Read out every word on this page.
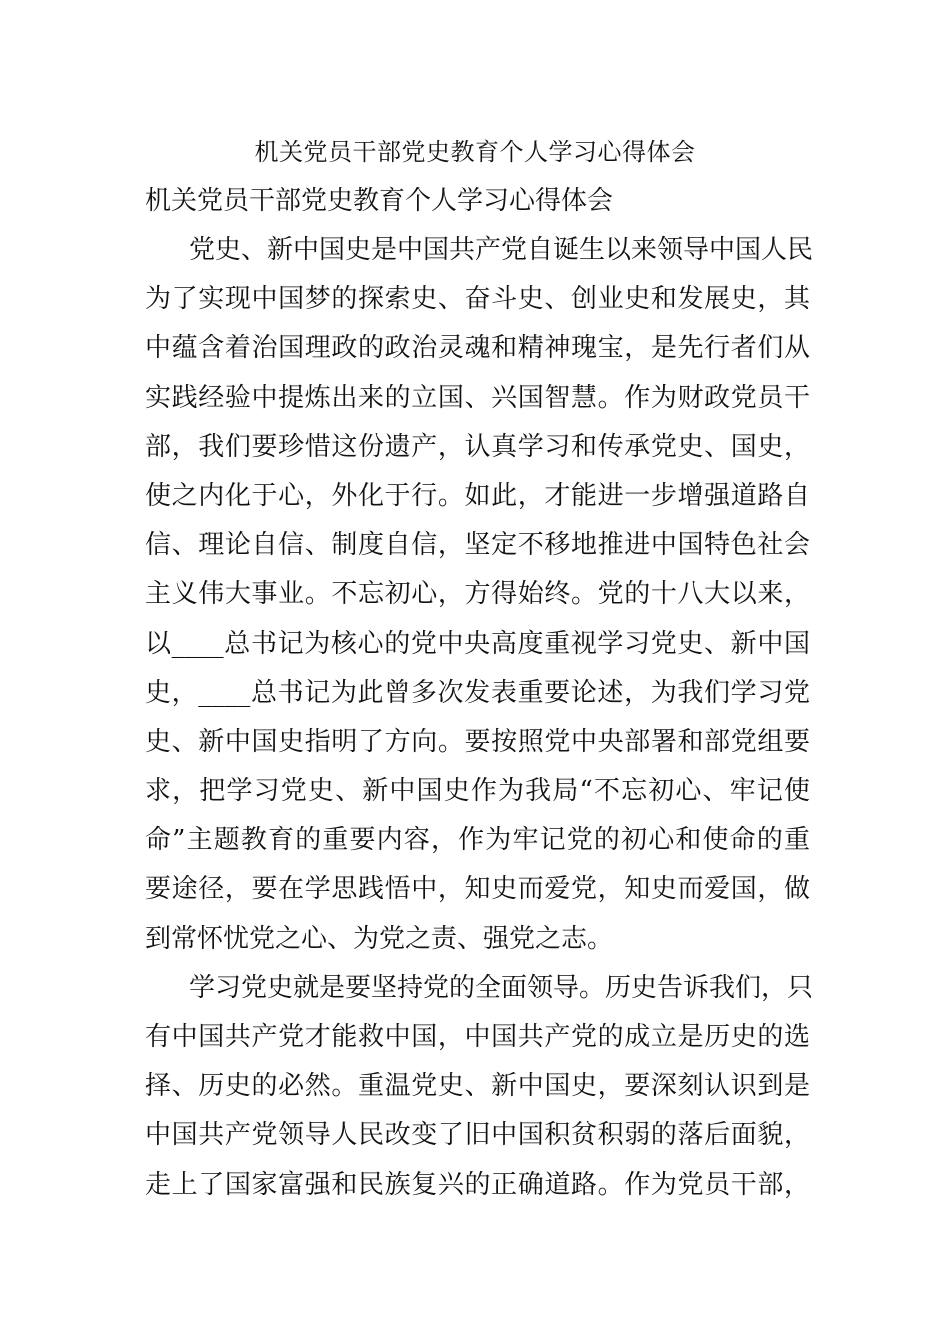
机关党员干部党史教育个人学习心得体会
机关党员干部党史教育个人学习心得体会
党史、新中国史是中国共产党自诞生以来领导中国人民
为了实现中国梦的探索史、奋斗史、创业史和发展史，其
中蕴含着治国理政的政治灵魂和精神瑰宝，是先行者们从
实践经验中提炼出来的立国、兴国智慧。作为财政党员干
部，我们要珍惜这份遗产，认真学习和传承党史、国史，
使之内化于心，外化于行。如此，才能进一步增强道路自
信、理论自信、制度自信，坚定不移地推进中国特色社会
主义伟大事业。不忘初心，方得始终。党的十八大以来，
以____总书记为核心的党中央高度重视学习党史、新中国
史，____总书记为此曾多次发表重要论述，为我们学习党
史、新中国史指明了方向。要按照党中央部署和部党组要
求，把学习党史、新中国史作为我局“不忘初心、牢记使
命”主题教育的重要内容，作为牢记党的初心和使命的重
要途径，要在学思践悟中，知史而爱党，知史而爱国，做
到常怀忧党之心、为党之责、强党之志。
学习党史就是要坚持党的全面领导。历史告诉我们，只
有中国共产党才能救中国，中国共产党的成立是历史的选
择、历史的必然。重温党史、新中国史，要深刻认识到是
中国共产党领导人民改变了旧中国积贫积弱的落后面貌，
走上了国家富强和民族复兴的正确道路。作为党员干部，
